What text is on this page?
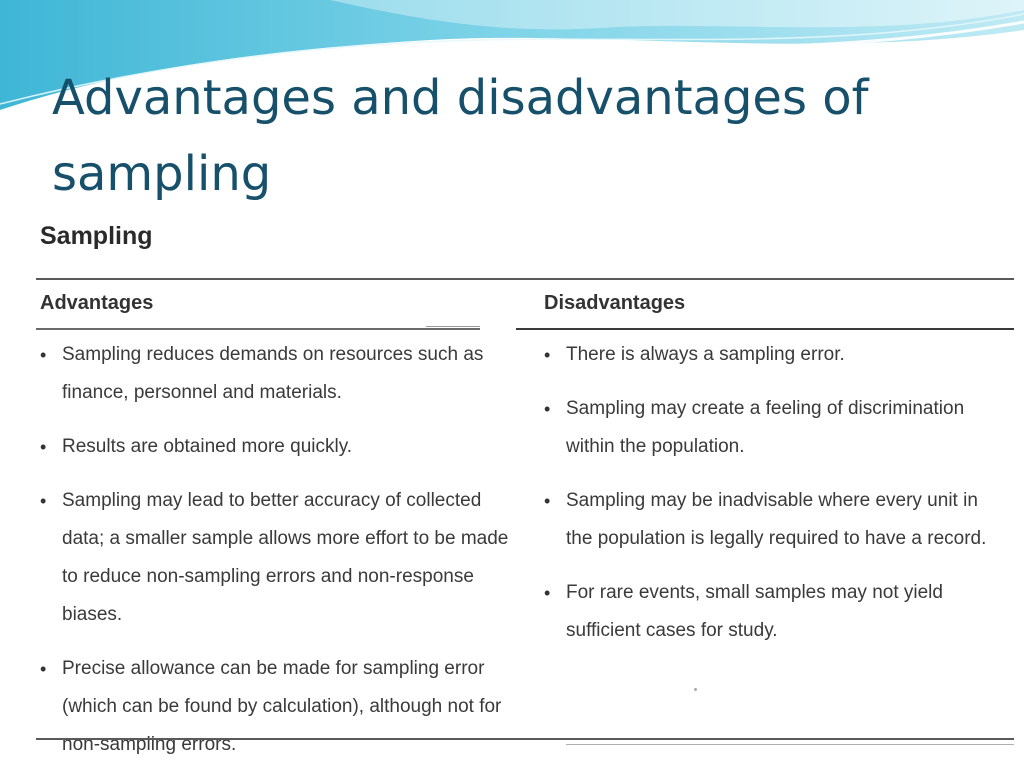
Advantages and disadvantages of sampling
Sampling
Advantages	Disadvantages
• Sampling reduces demands on resources such as finance, personnel and materials.
• Results are obtained more quickly.
• Sampling may lead to better accuracy of collected data; a smaller sample allows more effort to be made to reduce non-sampling errors and non-response biases.
• Precise allowance can be made for sampling error (which can be found by calculation), although not for non-sampling errors.
• There is always a sampling error.
• Sampling may create a feeling of discrimination within the population.
• Sampling may be inadvisable where every unit in the population is legally required to have a record.
• For rare events, small samples may not yield sufficient cases for study.
